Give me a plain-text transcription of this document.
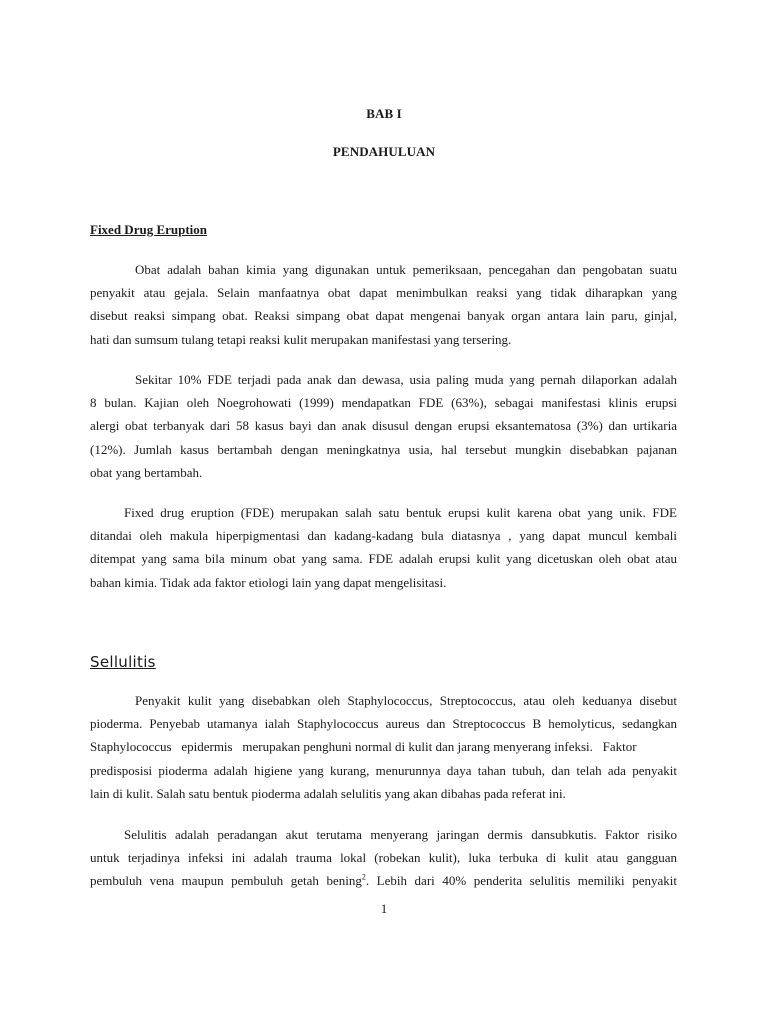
BAB I
PENDAHULUAN
Fixed Drug Eruption
Obat adalah bahan kimia yang digunakan untuk pemeriksaan, pencegahan dan pengobatan suatu
penyakit atau gejala. Selain manfaatnya obat dapat menimbulkan reaksi yang tidak diharapkan yang
disebut reaksi simpang obat. Reaksi simpang obat dapat mengenai banyak organ antara lain paru, ginjal,
hati dan sumsum tulang tetapi reaksi kulit merupakan manifestasi yang tersering.
Sekitar 10% FDE terjadi pada anak dan dewasa, usia paling muda yang pernah dilaporkan adalah
8 bulan. Kajian oleh Noegrohowati (1999) mendapatkan FDE (63%), sebagai manifestasi klinis erupsi
alergi obat terbanyak dari 58 kasus bayi dan anak disusul dengan erupsi eksantematosa (3%) dan urtikaria
(12%). Jumlah kasus bertambah dengan meningkatnya usia, hal tersebut mungkin disebabkan pajanan
obat yang bertambah.
Fixed drug eruption (FDE) merupakan salah satu bentuk erupsi kulit karena obat yang unik. FDE
ditandai oleh makula hiperpigmentasi dan kadang-kadang bula diatasnya , yang dapat muncul kembali
ditempat yang sama bila minum obat yang sama. FDE adalah erupsi kulit yang dicetuskan oleh obat atau
bahan kimia. Tidak ada faktor etiologi lain yang dapat mengelisitasi.
Sellulitis
Penyakit kulit yang disebabkan oleh Staphylococcus, Streptococcus, atau oleh keduanya disebut
pioderma. Penyebab utamanya ialah Staphylococcus aureus dan Streptococcus B hemolyticus, sedangkan
Staphylococcus   epidermis   merupakan penghuni normal di kulit dan jarang menyerang infeksi.   Faktor
predisposisi pioderma adalah higiene yang kurang, menurunnya daya tahan tubuh, dan telah ada penyakit
lain di kulit. Salah satu bentuk pioderma adalah selulitis yang akan dibahas pada referat ini.
Selulitis adalah peradangan akut terutama menyerang jaringan dermis dansubkutis. Faktor risiko
untuk terjadinya infeksi ini adalah trauma lokal (robekan kulit), luka terbuka di kulit atau gangguan
pembuluh vena maupun pembuluh getah bening$^2$. Lebih dari 40% penderita selulitis memiliki penyakit
1
